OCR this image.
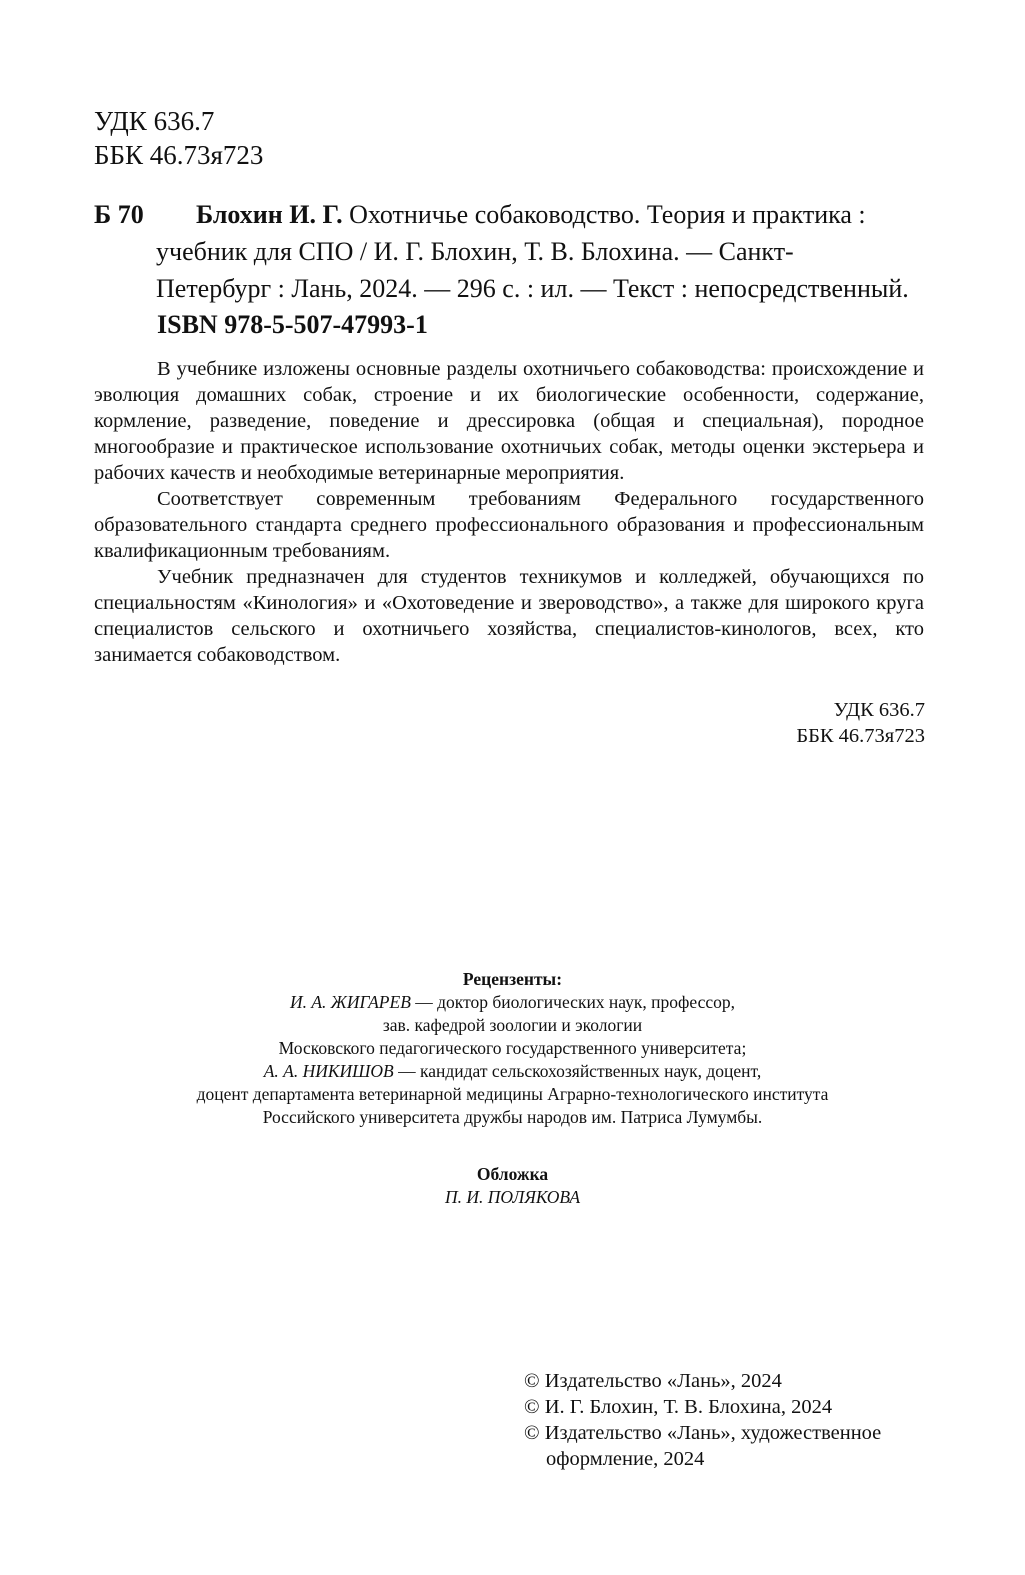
УДК 636.7
ББК 46.73я723
Б 70 Блохин И. Г. Охотничье собаководство. Теория и практика :
учебник для СПО / И. Г. Блохин, Т. В. Блохина. — Санкт-
Петербург : Лань, 2024. — 296 с. : ил. — Текст : непосредственный.
ISBN 978-5-507-47993-1

В учебнике изложены основные разделы охотничьего собаководства: происхождение и эволюция домашних собак, строение и их биологические особенности, содержание, кормление, разведение, поведение и дрессировка (общая и специальная), породное многообразие и практическое использование охотничьих собак, методы оценки экстерьера и рабочих качеств и необходимые ветеринарные мероприятия.

Соответствует современным требованиям Федерального государственного образовательного стандарта среднего профессионального образования и профессиональным квалификационным требованиям.

Учебник предназначен для студентов техникумов и колледжей, обучающихся по специальностям «Кинология» и «Охотоведение и звероводство», а также для широкого круга специалистов сельского и охотничьего хозяйства, специалистов-кинологов, всех, кто занимается собаководством.

УДК 636.7
ББК 46.73я723
Рецензенты:
И. А. ЖИГАРЕВ — доктор биологических наук, профессор,
зав. кафедрой зоологии и экологии
Московского педагогического государственного университета;
А. А. НИКИШОВ — кандидат сельскохозяйственных наук, доцент,
доцент департамента ветеринарной медицины Аграрно-технологического института
Российского университета дружбы народов им. Патриса Лумумбы.
Обложка
П. И. ПОЛЯКОВА
© Издательство «Лань», 2024
© И. Г. Блохин, Т. В. Блохина, 2024
© Издательство «Лань», художественное
оформление, 2024
